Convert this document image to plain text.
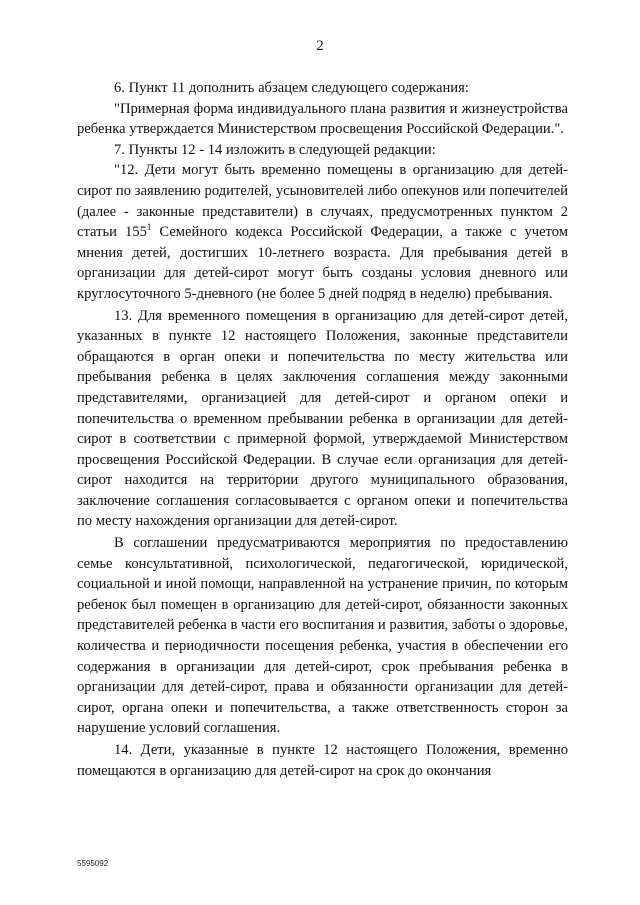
2

6. Пункт 11 дополнить абзацем следующего содержания:

"Примерная форма индивидуального плана развития и жизнеустройства ребенка утверждается Министерством просвещения Российской Федерации.".

7. Пункты 12 - 14 изложить в следующей редакции:

"12. Дети могут быть временно помещены в организацию для детей-сирот по заявлению родителей, усыновителей либо опекунов или попечителей (далее - законные представители) в случаях, предусмотренных пунктом 2 статьи $155^1$ Семейного кодекса Российской Федерации, а также с учетом мнения детей, достигших 10-летнего возраста. Для пребывания детей в организации для детей-сирот могут быть созданы условия дневного или круглосуточного 5-дневного (не более 5 дней подряд в неделю) пребывания.

13. Для временного помещения в организацию для детей-сирот детей, указанных в пункте 12 настоящего Положения, законные представители обращаются в орган опеки и попечительства по месту жительства или пребывания ребенка в целях заключения соглашения между законными представителями, организацией для детей-сирот и органом опеки и попечительства о временном пребывании ребенка в организации для детей-сирот в соответствии с примерной формой, утверждаемой Министерством просвещения Российской Федерации. В случае если организация для детей-сирот находится на территории другого муниципального образования, заключение соглашения согласовывается с органом опеки и попечительства по месту нахождения организации для детей-сирот.

В соглашении предусматриваются мероприятия по предоставлению семье консультативной, психологической, педагогической, юридической, социальной и иной помощи, направленной на устранение причин, по которым ребенок был помещен в организацию для детей-сирот, обязанности законных представителей ребенка в части его воспитания и развития, заботы о здоровье, количества и периодичности посещения ребенка, участия в обеспечении его содержания в организации для детей-сирот, срок пребывания ребенка в организации для детей-сирот, права и обязанности организации для детей-сирот, органа опеки и попечительства, а также ответственность сторон за нарушение условий соглашения.

14. Дети, указанные в пункте 12 настоящего Положения, временно помещаются в организацию для детей-сирот на срок до окончания

5595092
